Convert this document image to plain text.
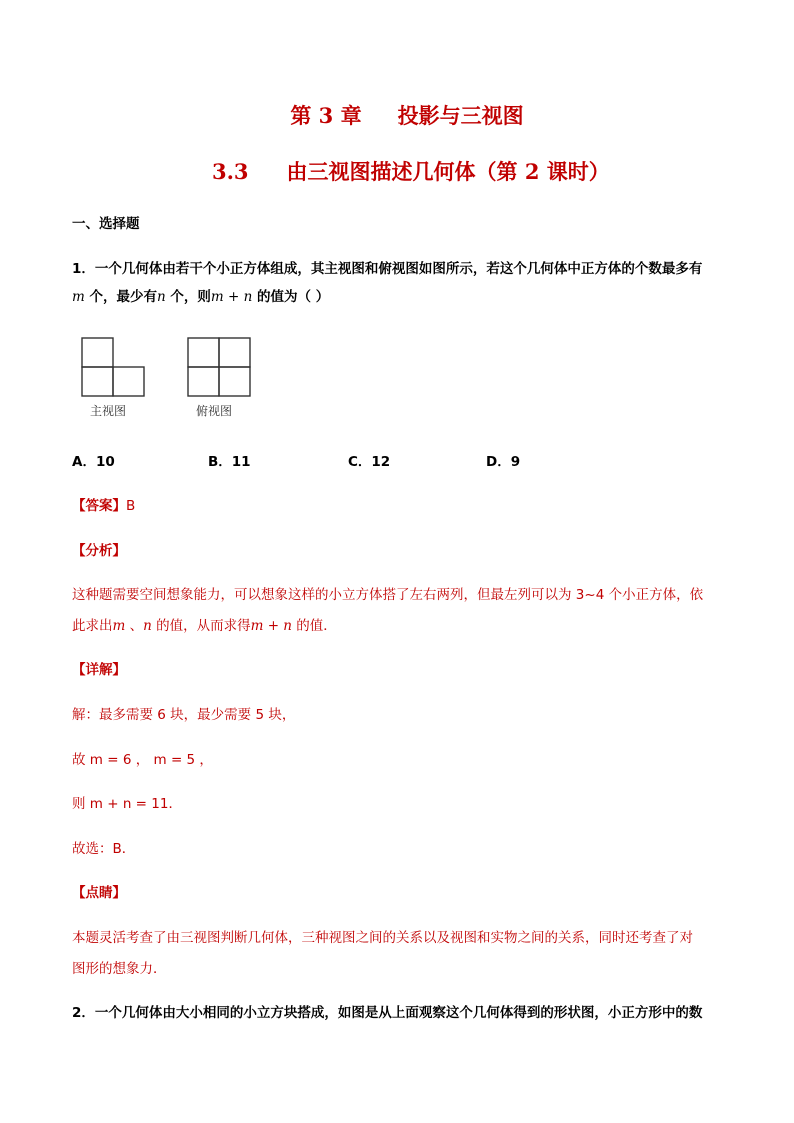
第 3 章 投影与三视图
3.3 由三视图描述几何体（第 2 课时）
一、选择题
1．一个几何体由若干个小正方体组成，其主视图和俯视图如图所示，若这个几何体中正方体的个数最多有
m 个，最少有n 个，则m + n 的值为（ ）
主视图	俯视图
A．10	B．11	C．12	D．9
【答案】B
【分析】
这种题需要空间想象能力，可以想象这样的小立方体搭了左右两列，但最左列可以为 3~4 个小正方体，依
此求出m 、n 的值，从而求得m + n 的值．
【详解】
解：最多需要 6 块，最少需要 5 块，
故 m = 6 ， m = 5 ，
则 m + n = 11．
故选：B．
【点睛】
本题灵活考查了由三视图判断几何体，三种视图之间的关系以及视图和实物之间的关系，同时还考查了对
图形的想象力．
2．一个几何体由大小相同的小立方块搭成，如图是从上面观察这个几何体得到的形状图，小正方形中的数
